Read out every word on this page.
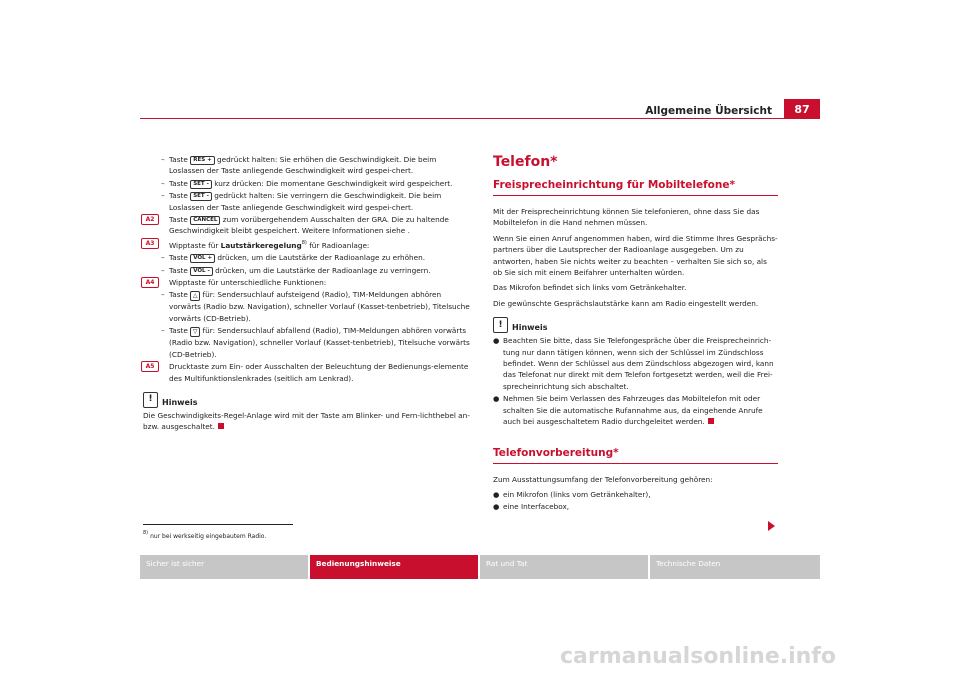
Allgemeine Übersicht	87
– Taste RES + gedrückt halten: Sie erhöhen die Geschwindigkeit. Die beim Loslassen der Taste anliegende Geschwindigkeit wird gespei-chert.
– Taste SET - kurz drücken: Die momentane Geschwindigkeit wird gespeichert.
– Taste SET - gedrückt halten: Sie verringern die Geschwindigkeit. Die beim Loslassen der Taste anliegende Geschwindigkeit wird gespei-chert.
A2	Taste CANCEL zum vorübergehendem Ausschalten der GRA. Die zu haltende Geschwindigkeit bleibt gespeichert. Weitere Informationen siehe .
A3	Wipptaste für Lautstärkeregelung$^{8)}$ für Radioanlage:
– Taste VOL + drücken, um die Lautstärke der Radioanlage zu erhöhen.
– Taste VOL - drücken, um die Lautstärke der Radioanlage zu verringern.
A4	Wipptaste für unterschiedliche Funktionen:
– Taste △ für: Sendersuchlauf aufsteigend (Radio), TIM-Meldungen abhören vorwärts (Radio bzw. Navigation), schneller Vorlauf (Kasset-tenbetrieb), Titelsuche vorwärts (CD-Betrieb).
– Taste ▽ für: Sendersuchlauf abfallend (Radio), TIM-Meldungen abhören vorwärts (Radio bzw. Navigation), schneller Vorlauf (Kasset-tenbetrieb), Titelsuche vorwärts (CD-Betrieb).
A5	Drucktaste zum Ein- oder Ausschalten der Beleuchtung der Bedienungs-elemente des Multifunktionslenkrades (seitlich am Lenkrad).
!	Hinweis
Die Geschwindigkeits-Regel-Anlage wird mit der Taste am Blinker- und Fern-lichthebel an- bzw. ausgeschaltet.
$^{8)}$ nur bei werkseitig eingebautem Radio.
Telefon*
Freisprecheinrichtung für Mobiltelefone*

Mit der Freisprecheinrichtung können Sie telefonieren, ohne dass Sie das Mobiltelefon in die Hand nehmen müssen.

Wenn Sie einen Anruf angenommen haben, wird die Stimme Ihres Gesprächs-partners über die Lautsprecher der Radioanlage ausgegeben. Um zu antworten, haben Sie nichts weiter zu beachten – verhalten Sie sich so, als ob Sie sich mit einem Beifahrer unterhalten würden.

Das Mikrofon befindet sich links vom Getränkehalter.

Die gewünschte Gesprächslautstärke kann am Radio eingestellt werden.

!	Hinweis
● Beachten Sie bitte, dass Sie Telefongespräche über die Freisprecheinrich-tung nur dann tätigen können, wenn sich der Schlüssel im Zündschloss befindet. Wenn der Schlüssel aus dem Zündschloss abgezogen wird, kann das Telefonat nur direkt mit dem Telefon fortgesetzt werden, weil die Frei-sprecheinrichtung sich abschaltet.
● Nehmen Sie beim Verlassen des Fahrzeuges das Mobiltelefon mit oder schalten Sie die automatische Rufannahme aus, da eingehende Anrufe auch bei ausgeschaltetem Radio durchgeleitet werden.
Telefonvorbereitung*

Zum Ausstattungsumfang der Telefonvorbereitung gehören:

● ein Mikrofon (links vom Getränkehalter),
● eine Interfacebox,
Sicher ist sicher	Bedienungshinweise	Rat und Tat	Technische Daten
carmanualsonline.info
